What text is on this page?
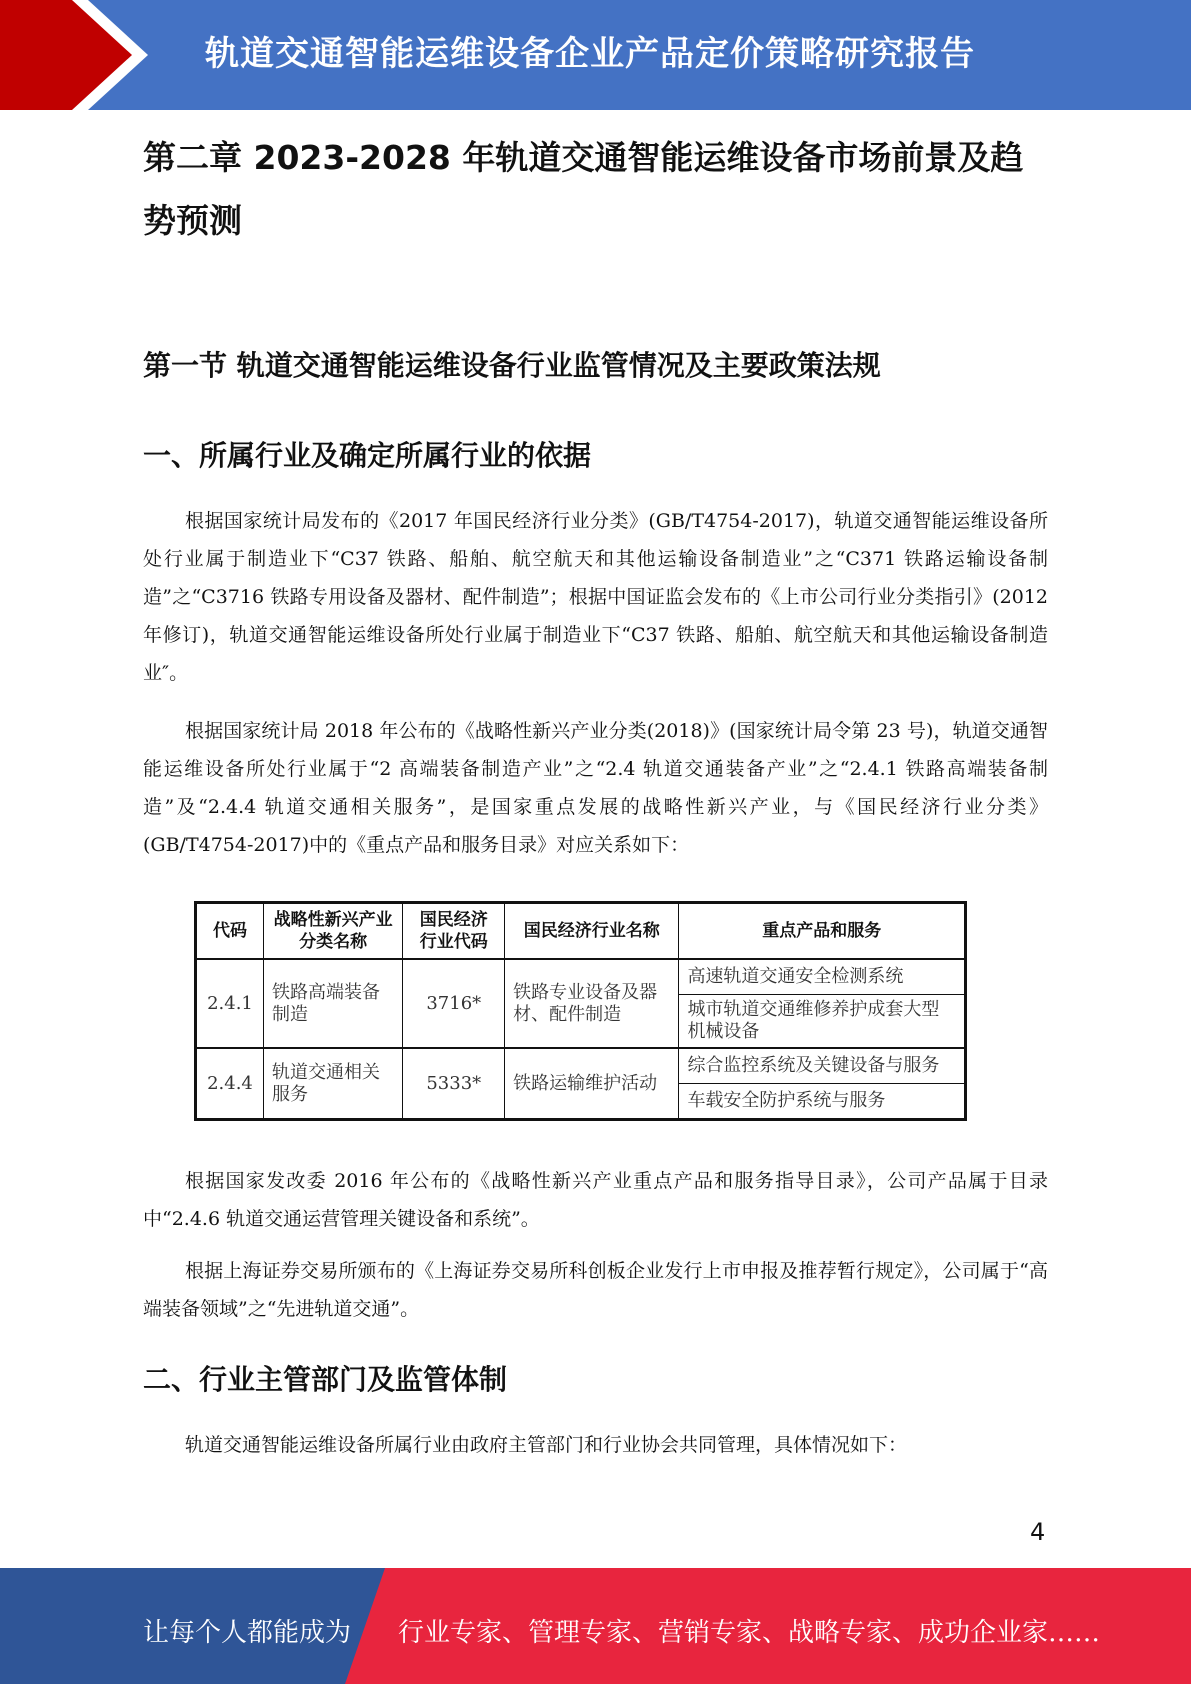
轨道交通智能运维设备企业产品定价策略研究报告
第二章 2023-2028 年轨道交通智能运维设备市场前景及趋势预测
第一节 轨道交通智能运维设备行业监管情况及主要政策法规
一、所属行业及确定所属行业的依据

根据国家统计局发布的《2017 年国民经济行业分类》(GB/T4754-2017)，轨道交通智能运维设备所处行业属于制造业下“C37 铁路、船舶、航空航天和其他运输设备制造业”之“C371 铁路运输设备制造”之“C3716 铁路专用设备及器材、配件制造”；根据中国证监会发布的《上市公司行业分类指引》(2012 年修订)，轨道交通智能运维设备所处行业属于制造业下“C37 铁路、船舶、航空航天和其他运输设备制造业″。

根据国家统计局 2018 年公布的《战略性新兴产业分类(2018)》(国家统计局令第 23 号)，轨道交通智能运维设备所处行业属于“2 高端装备制造产业”之“2.4 轨道交通装备产业”之“2.4.1 铁路高端装备制造”及“2.4.4 轨道交通相关服务”，是国家重点发展的战略性新兴产业，与《国民经济行业分类》(GB/T4754-2017)中的《重点产品和服务目录》对应关系如下：

代码	战略性新兴产业分类名称	国民经济行业代码	国民经济行业名称	重点产品和服务
2.4.1	铁路高端装备制造	3716*	铁路专业设备及器材、配件制造	高速轨道交通安全检测系统
				城市轨道交通维修养护成套大型机械设备
2.4.4	轨道交通相关服务	5333*	铁路运输维护活动	综合监控系统及关键设备与服务
				车载安全防护系统与服务

根据国家发改委 2016 年公布的《战略性新兴产业重点产品和服务指导目录》，公司产品属于目录中“2.4.6 轨道交通运营管理关键设备和系统”。

根据上海证券交易所颁布的《上海证券交易所科创板企业发行上市申报及推荐暂行规定》，公司属于“高端装备领域”之“先进轨道交通”。

二、行业主管部门及监管体制

轨道交通智能运维设备所属行业由政府主管部门和行业协会共同管理，具体情况如下：

4
让每个人都能成为 行业专家、管理专家、营销专家、战略专家、成功企业家……
